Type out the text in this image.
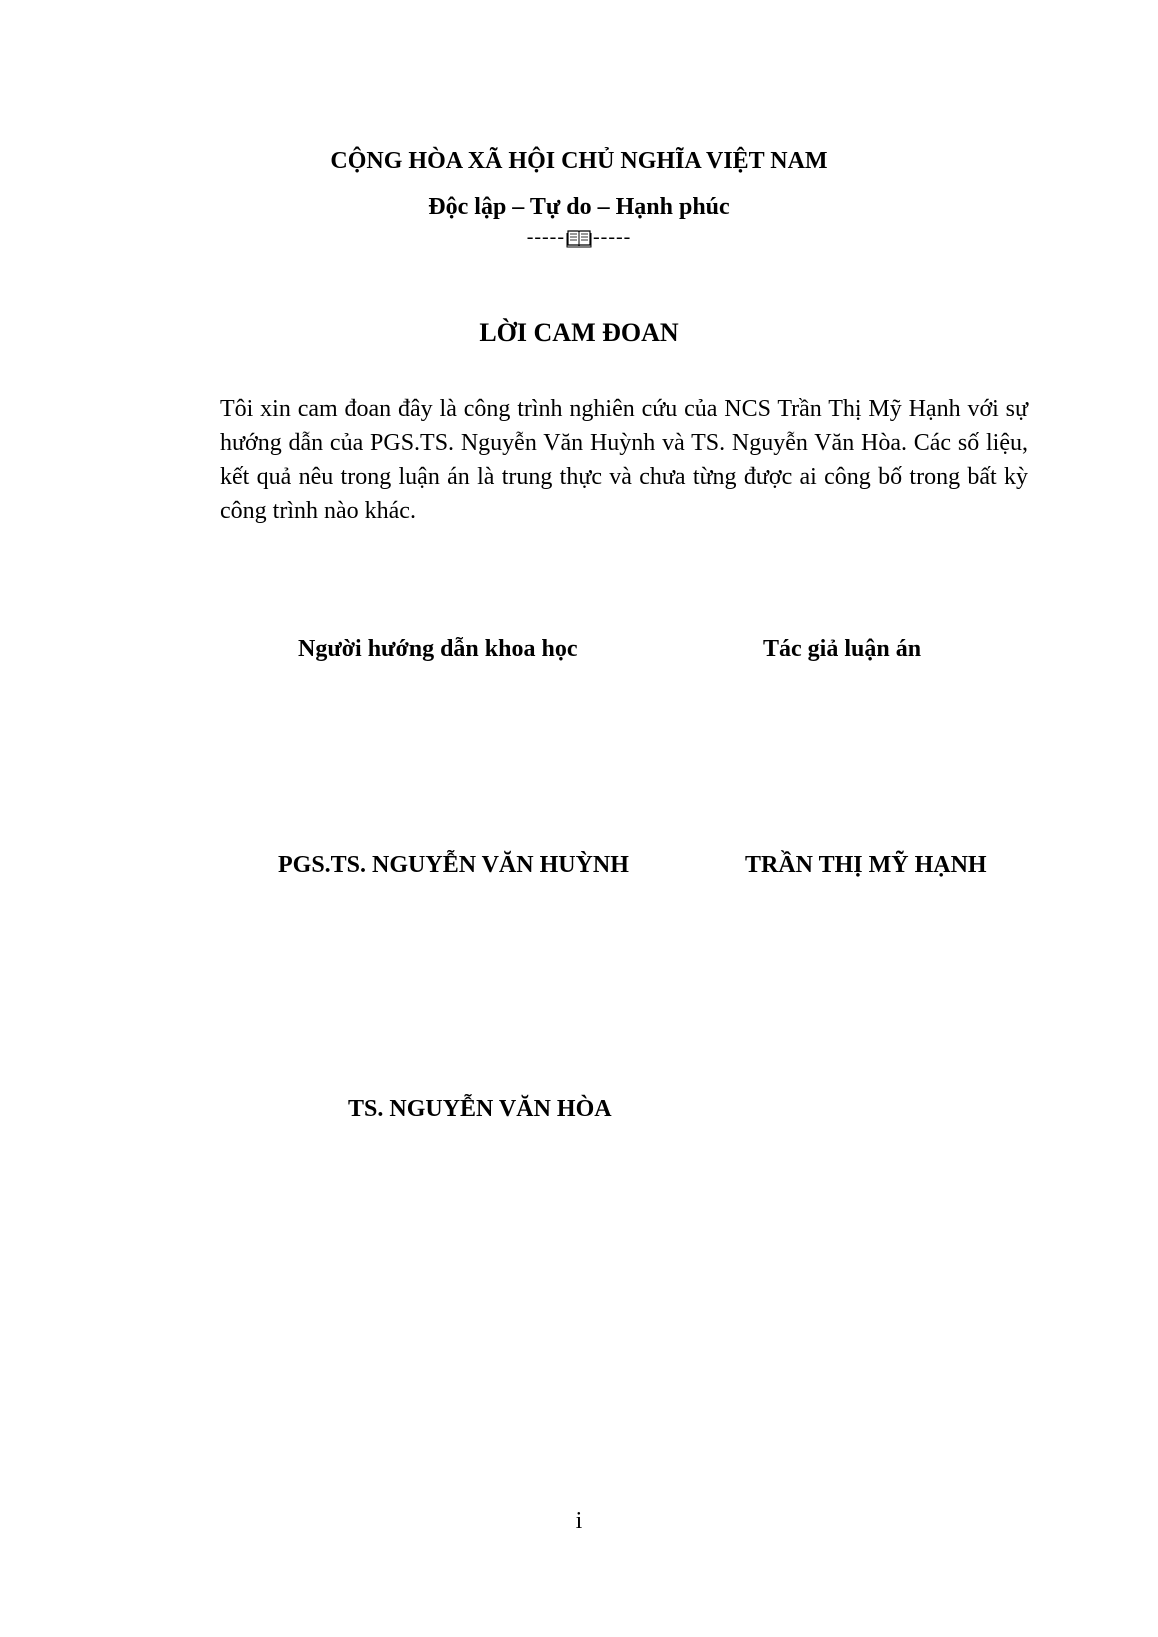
CỘNG HÒA XÃ HỘI CHỦ NGHĨA VIỆT NAM
Độc lập – Tự do – Hạnh phúc
----- -----
LỜI CAM ĐOAN
Tôi xin cam đoan đây là công trình nghiên cứu của NCS Trần Thị Mỹ Hạnh với sự hướng dẫn của PGS.TS. Nguyễn Văn Huỳnh và TS. Nguyễn Văn Hòa. Các số liệu, kết quả nêu trong luận án là trung thực và chưa từng được ai công bố trong bất kỳ công trình nào khác.
Người hướng dẫn khoa học	Tác giả luận án
PGS.TS. NGUYỄN VĂN HUỲNH	TRẦN THỊ MỸ HẠNH
TS. NGUYỄN VĂN HÒA
i
